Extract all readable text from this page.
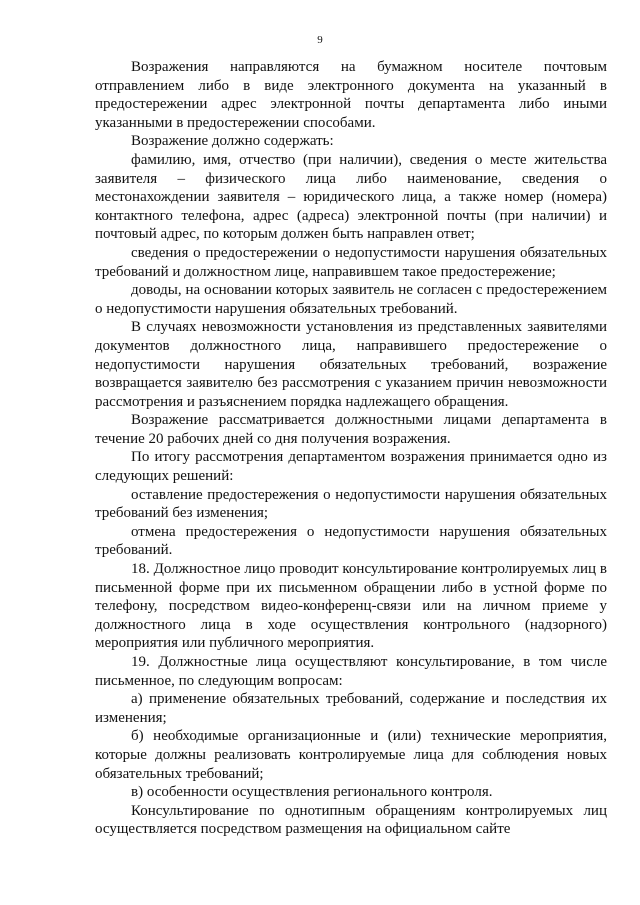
9

Возражения направляются на бумажном носителе почтовым отправлением либо в виде электронного документа на указанный в предостережении адрес электронной почты департамента либо иными указанными в предостережении способами.

Возражение должно содержать:

фамилию, имя, отчество (при наличии), сведения о месте жительства заявителя – физического лица либо наименование, сведения о местонахождении заявителя – юридического лица, а также номер (номера) контактного телефона, адрес (адреса) электронной почты (при наличии) и почтовый адрес, по которым должен быть направлен ответ;

сведения о предостережении о недопустимости нарушения обязательных требований и должностном лице, направившем такое предостережение;

доводы, на основании которых заявитель не согласен с предостережением о недопустимости нарушения обязательных требований.

В случаях невозможности установления из представленных заявителями документов должностного лица, направившего предостережение о недопустимости нарушения обязательных требований, возражение возвращается заявителю без рассмотрения с указанием причин невозможности рассмотрения и разъяснением порядка надлежащего обращения.

Возражение рассматривается должностными лицами департамента в течение 20 рабочих дней со дня получения возражения.

По итогу рассмотрения департаментом возражения принимается одно из следующих решений:

оставление предостережения о недопустимости нарушения обязательных требований без изменения;

отмена предостережения о недопустимости нарушения обязательных требований.

18. Должностное лицо проводит консультирование контролируемых лиц в письменной форме при их письменном обращении либо в устной форме по телефону, посредством видео-конференц-связи или на личном приеме у должностного лица в ходе осуществления контрольного (надзорного) мероприятия или публичного мероприятия.

19. Должностные лица осуществляют консультирование, в том числе письменное, по следующим вопросам:

а) применение обязательных требований, содержание и последствия их изменения;

б) необходимые организационные и (или) технические мероприятия, которые должны реализовать контролируемые лица для соблюдения новых обязательных требований;

в) особенности осуществления регионального контроля.

Консультирование по однотипным обращениям контролируемых лиц осуществляется посредством размещения на официальном сайте
